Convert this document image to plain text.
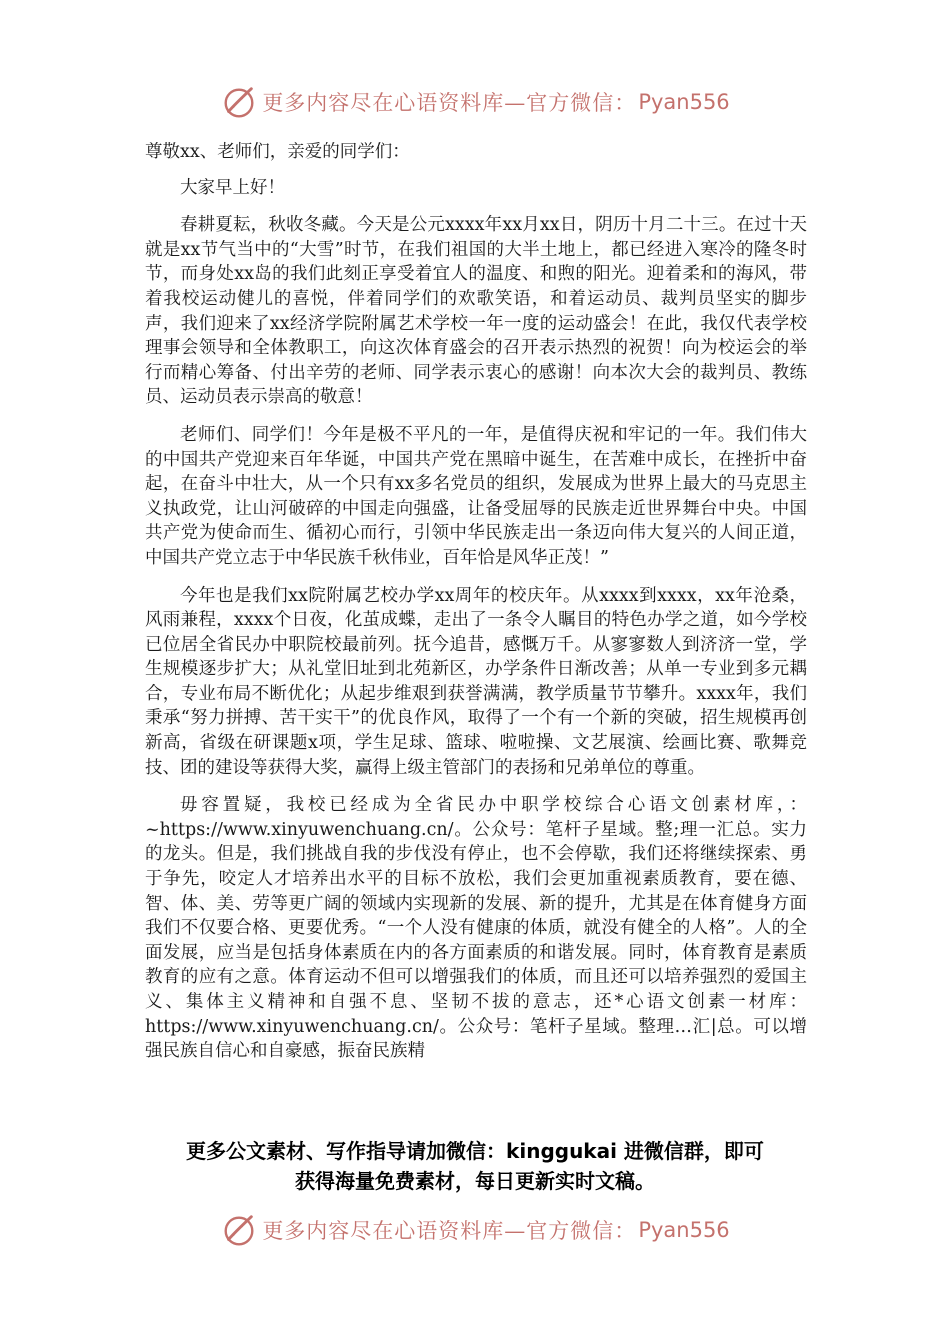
更多内容尽在心语资料库—官方微信： Pyan556

尊敬xx、老师们，亲爱的同学们：

大家早上好！

春耕夏耘，秋收冬藏。今天是公元xxxx年xx月xx日，阴历十月二十三。在过十天就是xx节气当中的“大雪”时节，在我们祖国的大半土地上，都已经进入寒冷的隆冬时节，而身处xx岛的我们此刻正享受着宜人的温度、和煦的阳光。迎着柔和的海风，带着我校运动健儿的喜悦，伴着同学们的欢歌笑语，和着运动员、裁判员坚实的脚步声，我们迎来了xx经济学院附属艺术学校一年一度的运动盛会！在此，我仅代表学校理事会领导和全体教职工，向这次体育盛会的召开表示热烈的祝贺！向为校运会的举行而精心筹备、付出辛劳的老师、同学表示衷心的感谢！向本次大会的裁判员、教练员、运动员表示崇高的敬意！

老师们、同学们！今年是极不平凡的一年，是值得庆祝和牢记的一年。我们伟大的中国共产党迎来百年华诞，中国共产党在黑暗中诞生，在苦难中成长，在挫折中奋起，在奋斗中壮大，从一个只有xx多名党员的组织，发展成为世界上最大的马克思主义执政党，让山河破碎的中国走向强盛，让备受屈辱的民族走近世界舞台中央。中国共产党为使命而生、循初心而行，引领中华民族走出一条迈向伟大复兴的人间正道，中国共产党立志于中华民族千秋伟业，百年恰是风华正茂！”

今年也是我们xx院附属艺校办学xx周年的校庆年。从xxxx到xxxx，xx年沧桑，风雨兼程，xxxx个日夜，化茧成蝶，走出了一条令人瞩目的特色办学之道，如今学校已位居全省民办中职院校最前列。抚今追昔，感慨万千。从寥寥数人到济济一堂，学生规模逐步扩大；从礼堂旧址到北苑新区，办学条件日渐改善；从单一专业到多元耦合，专业布局不断优化；从起步维艰到获誉满满，教学质量节节攀升。xxxx年，我们秉承“努力拼搏、苦干实干”的优良作风，取得了一个有一个新的突破，招生规模再创新高，省级在研课题x项，学生足球、篮球、啦啦操、文艺展演、绘画比赛、歌舞竞技、团的建设等获得大奖，赢得上级主管部门的表扬和兄弟单位的尊重。

毋容置疑，我校已经成为全省民办中职学校综合心语文创素材库，：~https://www.xinyuwenchuang.cn/。公众号：笔杆子星域。整;理一汇总。实力的龙头。但是，我们挑战自我的步伐没有停止，也不会停歇，我们还将继续探索、勇于争先，咬定人才培养出水平的目标不放松，我们会更加重视素质教育，要在德、智、体、美、劳等更广阔的领域内实现新的发展、新的提升，尤其是在体育健身方面我们不仅要合格、更要优秀。“一个人没有健康的体质，就没有健全的人格”。人的全面发展，应当是包括身体素质在内的各方面素质的和谐发展。同时，体育教育是素质教育的应有之意。体育运动不但可以增强我们的体质，而且还可以培养强烈的爱国主义、集体主义精神和自强不息、坚韧不拔的意志，还*心语文创素一材库：https://www.xinyuwenchuang.cn/。公众号：笔杆子星域。整理…汇|总。可以增强民族自信心和自豪感，振奋民族精

更多公文素材、写作指导请加微信：kinggukai 进微信群，即可
获得海量免费素材，每日更新实时文稿。
更多内容尽在心语资料库—官方微信： Pyan556
